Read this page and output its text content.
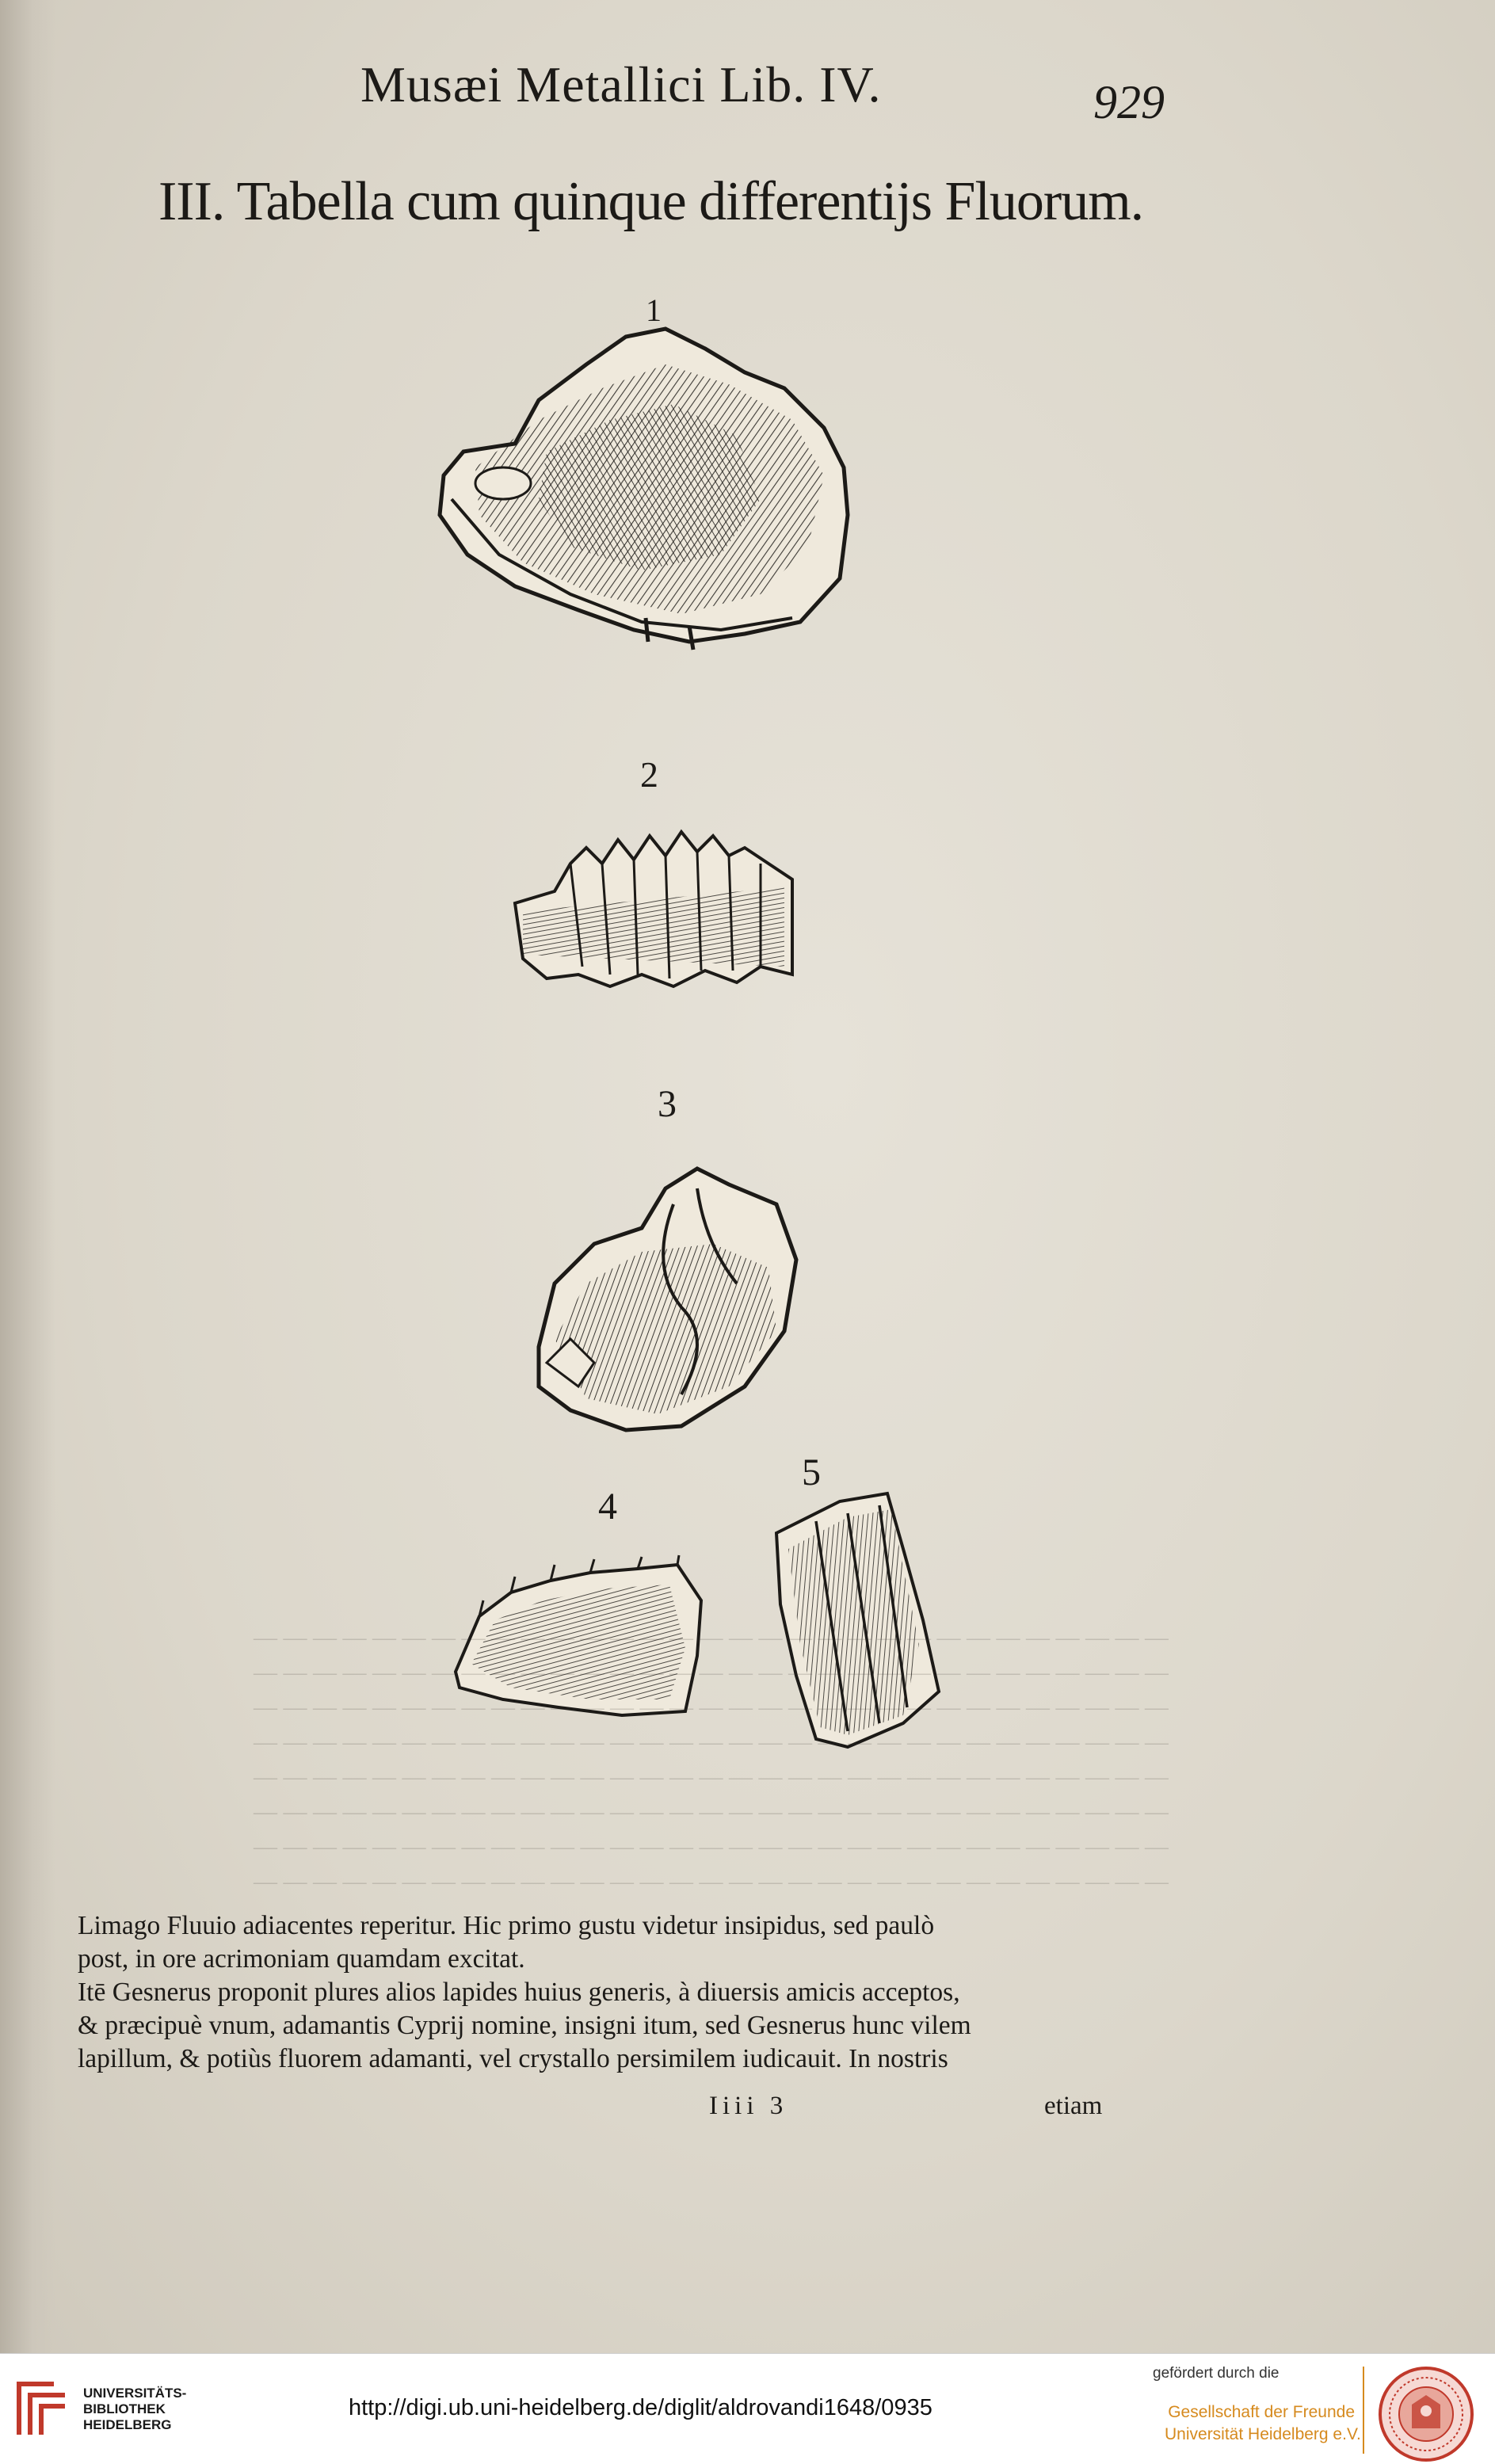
Musæi Metallici Lib. IV.	929
III. Tabella cum quinque differentijs Fluorum.
1
2
3
4
5
— — — — — — — — — — — — — — — — — — — — — — — — — — — — — — —
— — — — — — — — — — — — — — — — — — — — — — — — — — — — — — —
— — — — — — — — — — — — — — — — — — — — — — — — — — — — — — —
— — — — — — — — — — — — — — — — — — — — — — — — — — — — — — —
— — — — — — — — — — — — — — — — — — — — — — — — — — — — — — —
— — — — — — — — — — — — — — — — — — — — — — — — — — — — — — —
— — — — — — — — — — — — — — — — — — — — — — — — — — — — — — —
— — — — — — — — — — — — — — — — — — — — — — — — — — — — — — —

Limago Fluuio adiacentes reperitur. Hic primo gustu videtur insipidus, sed paulò

post, in ore acrimoniam quamdam excitat.

Itē Gesnerus proponit plures alios lapides huius generis, à diuersis amicis acceptos,

& præcipuè vnum, adamantis Cyprij nomine, insigni itum, sed Gesnerus hunc vilem

lapillum, & potiùs fluorem adamanti, vel crystallo persimilem iudicauit. In nostris

Iiii 3	etiam
UNIVERSITÄTS-
BIBLIOTHEK
HEIDELBERG
http://digi.ub.uni-heidelberg.de/diglit/aldrovandi1648/0935
gefördert durch die
Gesellschaft der Freunde
Universität Heidelberg e.V.
